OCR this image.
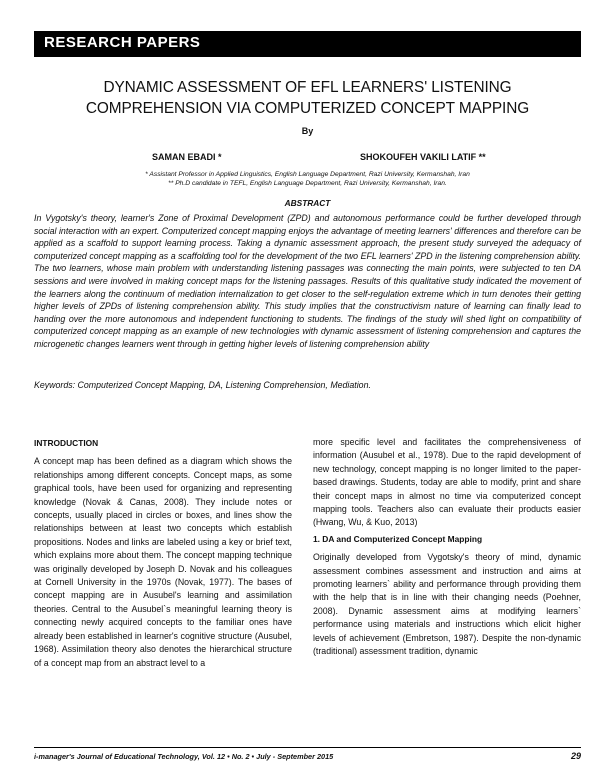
RESEARCH PAPERS
DYNAMIC ASSESSMENT OF EFL LEARNERS' LISTENING
COMPREHENSION VIA COMPUTERIZED CONCEPT MAPPING
By
SAMAN EBADI *	SHOKOUFEH VAKILI LATIF **
* Assistant Professor in Applied Linguistics, English Language Department, Razi University, Kermanshah, Iran
** Ph.D candidate in TEFL, English Language Department, Razi University, Kermanshah, Iran.
ABSTRACT

In Vygotsky's theory, learner's Zone of Proximal Development (ZPD) and autonomous performance could be further developed through social interaction with an expert. Computerized concept mapping enjoys the advantage of meeting learners' differences and therefore can be applied as a scaffold to support learning process. Taking a dynamic assessment approach, the present study surveyed the adequacy of computerized concept mapping as a scaffolding tool for the development of the two EFL learners' ZPD in the listening comprehension ability. The two learners, whose main problem with understanding listening passages was connecting the main points, were subjected to ten DA sessions and were involved in making concept maps for the listening passages. Results of this qualitative study indicated the movement of the learners along the continuum of mediation internalization to get closer to the self-regulation extreme which in turn denotes their getting higher levels of ZPDs of listening comprehension ability. This study implies that the constructivism nature of learning can finally lead to handing over the more autonomous and independent functioning to students. The findings of the study will shed light on compatibility of computerized concept mapping as an example of new technologies with dynamic assessment of listening comprehension and captures the microgenetic changes learners went through in getting higher levels of listening comprehension ability

Keywords: Computerized Concept Mapping, DA, Listening Comprehension, Mediation.

INTRODUCTION

A concept map has been defined as a diagram which shows the relationships among different concepts. Concept maps, as some graphical tools, have been used for organizing and representing knowledge (Novak & Canas, 2008). They include notes or concepts, usually placed in circles or boxes, and lines show the relationships between at least two concepts which establish propositions. Nodes and links are labeled using a key or brief text, which explains more about them. The concept mapping technique was originally developed by Joseph D. Novak and his colleagues at Cornell University in the 1970s (Novak, 1977). The bases of concept mapping are in Ausubel's learning and assimilation theories. Central to the Ausubel`s meaningful learning theory is connecting newly acquired concepts to the familiar ones have already been established in learner's cognitive structure (Ausubel, 1968). Assimilation theory also denotes the hierarchical structure of a concept map from an abstract level to a

more specific level and facilitates the comprehensiveness of information (Ausubel et al., 1978). Due to the rapid development of new technology, concept mapping is no longer limited to the paper-based drawings. Students, today are able to modify, print and share their concept maps in almost no time via computerized concept mapping tools. Teachers also can evaluate their products easier (Hwang, Wu, & Kuo, 2013)

1. DA and Computerized Concept Mapping

Originally developed from Vygotsky's theory of mind, dynamic assessment combines assessment and instruction and aims at promoting learners` ability and performance through providing them with the help that is in line with their changing needs (Poehner, 2008). Dynamic assessment aims at modifying learners` performance using materials and instructions which elicit higher levels of achievement (Embretson, 1987). Despite the non-dynamic (traditional) assessment tradition, dynamic

i-manager's Journal of Educational Technology, Vol. 12 • No. 2 • July - September 2015	29
